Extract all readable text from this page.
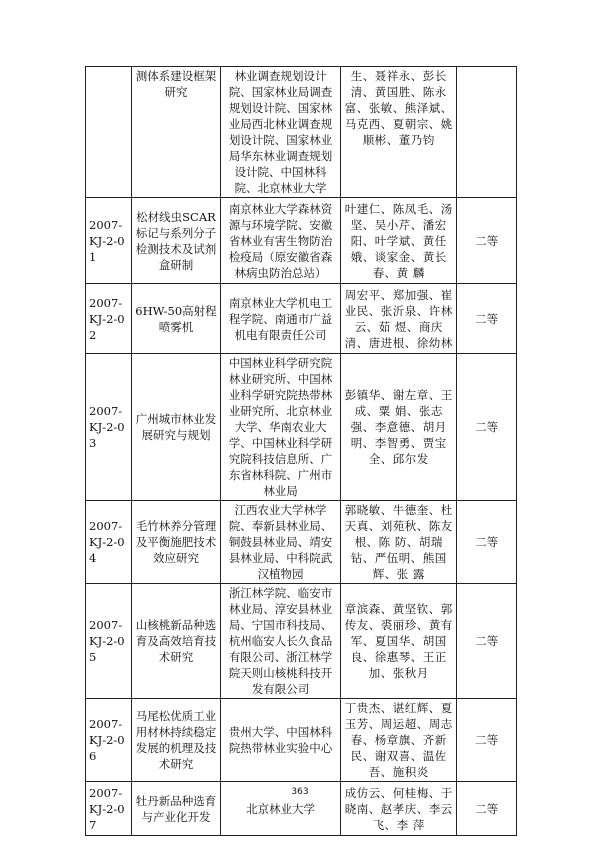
	测体系建设框架研究	林业调查规划设计院、国家林业局调查规划设计院、国家林业局西北林业调查规划设计院、国家林业局华东林业调查规划设计院、中国林科院、北京林业大学	生、聂祥永、彭长清、黄国胜、陈永富、张敏、熊泽斌、马克西、夏朝宗、姚顺彬、董乃钧	
2007-KJ-2-01	松材线虫SCAR标记与系列分子检测技术及试剂盒研制	南京林业大学森林资源与环境学院、安徽省林业有害生物防治检疫局（原安徽省森林病虫防治总站）	叶建仁、陈凤毛、汤坚、吴小芹、潘宏阳、叶学斌、黄任娥、谈家金、黄长春、黄 麟	二等
2007-KJ-2-02	6HW-50高射程喷雾机	南京林业大学机电工程学院、南通市广益机电有限责任公司	周宏平、郑加强、崔业民、张沂泉、许林云、茹 煜、商庆清、唐进根、徐幼林	二等
2007-KJ-2-03	广州城市林业发展研究与规划	中国林业科学研究院林业研究所、中国林业科学研究院热带林业研究所、北京林业大学、华南农业大学、中国林业科学研究院科技信息所、广东省林科院、广州市林业局	彭镇华、谢左章、王成、粟 娟、张志强、李意德、胡月明、李智勇、贾宝全、邱尔发	二等
2007-KJ-2-04	毛竹林养分管理及平衡施肥技术效应研究	江西农业大学林学院、奉新县林业局、铜鼓县林业局、靖安县林业局、中科院武汉植物园	郭晓敏、牛德奎、杜天真、刘苑秋、陈友根、陈 防、胡瑞钻、严伍明、熊国辉、张 露	二等
2007-KJ-2-05	山核桃新品种选育及高效培育技术研究	浙江林学院、临安市林业局、淳安县林业局、宁国市科技局、杭州临安人长久食品有限公司、浙江林学院天则山核桃科技开发有限公司	章滨森、黄坚钦、郭传友、裘丽珍、黄有军、夏国华、胡国良、徐惠琴、王正加、张秋月	二等
2007-KJ-2-06	马尾松优质工业用材林持续稳定发展的机理及技术研究	贵州大学、中国林科院热带林业实验中心	丁贵杰、谌红辉、夏玉芳、周运超、周志春、杨章旗、齐新民、谢双喜、温佐吾、施积炎	二等
2007-KJ-2-07	牡丹新品种选育与产业化开发	北京林业大学	成仿云、何桂梅、于晓南、赵孝庆、李云飞、李 萍	二等
363
